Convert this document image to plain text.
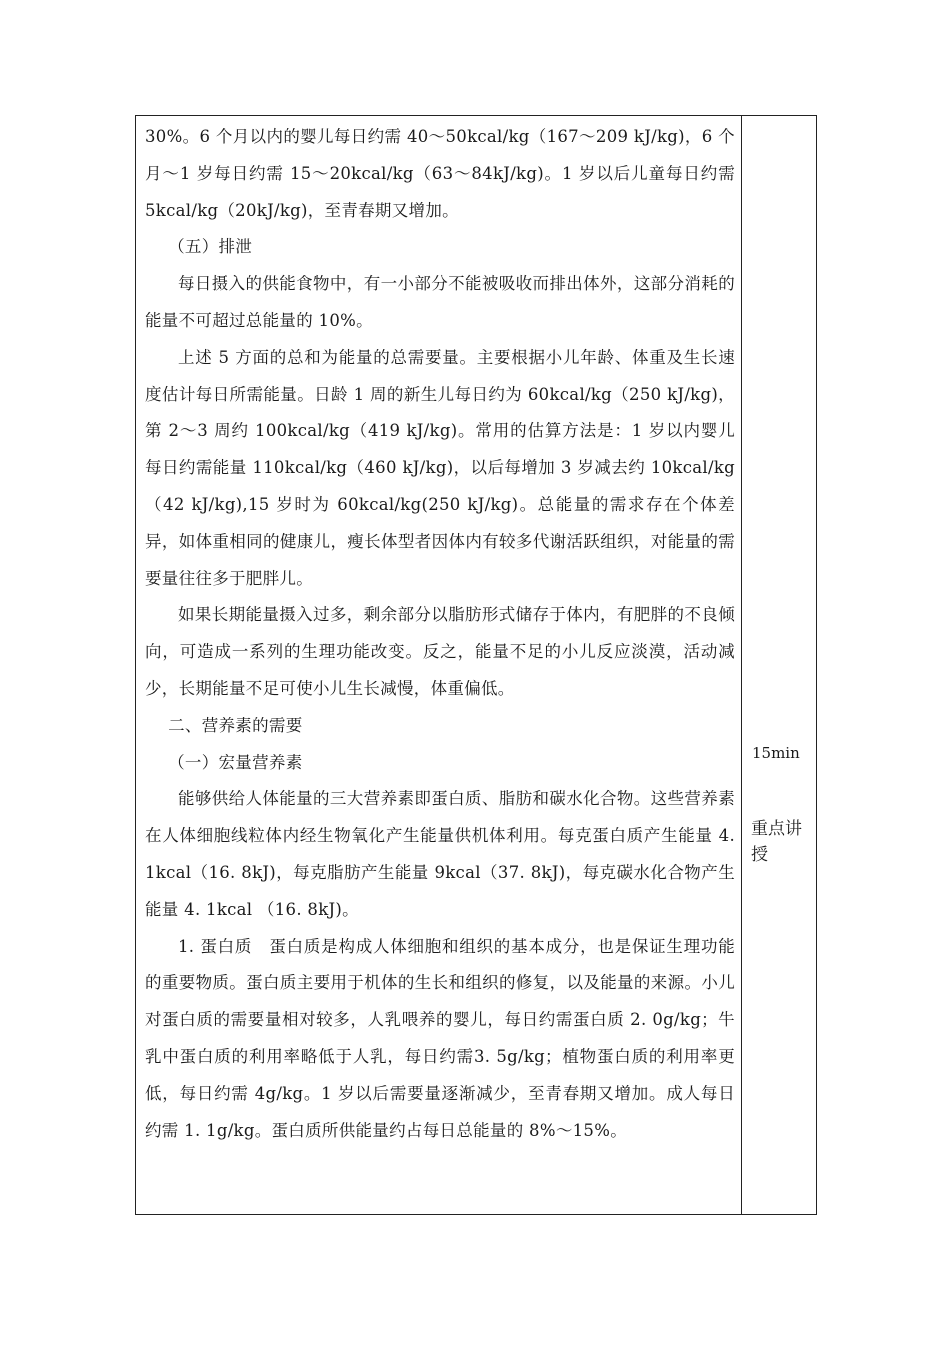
30%。6 个月以内的婴儿每日约需 40～50kcal/kg（167～209 kJ/kg)，6 个月～1 岁每日约需 15～20kcal/kg（63～84kJ/kg)。1 岁以后儿童每日约需 5kcal/kg（20kJ/kg)，至青春期又增加。

（五）排泄

每日摄入的供能食物中，有一小部分不能被吸收而排出体外，这部分消耗的能量不可超过总能量的 10%。

上述 5 方面的总和为能量的总需要量。主要根据小儿年龄、体重及生长速度估计每日所需能量。日龄 1 周的新生儿每日约为 60kcal/kg（250 kJ/kg)，第 2～3 周约 100kcal/kg（419 kJ/kg)。常用的估算方法是：1 岁以内婴儿每日约需能量 110kcal/kg（460 kJ/kg)，以后每增加 3 岁减去约 10kcal/kg（42 kJ/kg),15 岁时为 60kcal/kg(250 kJ/kg)。总能量的需求存在个体差异，如体重相同的健康儿，瘦长体型者因体内有较多代谢活跃组织，对能量的需要量往往多于肥胖儿。

如果长期能量摄入过多，剩余部分以脂肪形式储存于体内，有肥胖的不良倾向，可造成一系列的生理功能改变。反之，能量不足的小儿反应淡漠，活动减少，长期能量不足可使小儿生长减慢，体重偏低。

二、营养素的需要

（一）宏量营养素

能够供给人体能量的三大营养素即蛋白质、脂肪和碳水化合物。这些营养素在人体细胞线粒体内经生物氧化产生能量供机体利用。每克蛋白质产生能量 4. 1kcal（16. 8kJ)，每克脂肪产生能量 9kcal（37. 8kJ)，每克碳水化合物产生能量 4. 1kcal （16. 8kJ)。

1. 蛋白质　蛋白质是构成人体细胞和组织的基本成分，也是保证生理功能的重要物质。蛋白质主要用于机体的生长和组织的修复，以及能量的来源。小儿对蛋白质的需要量相对较多，人乳喂养的婴儿，每日约需蛋白质 2. 0g/kg；牛乳中蛋白质的利用率略低于人乳，每日约需3. 5g/kg；植物蛋白质的利用率更低，每日约需 4g/kg。1 岁以后需要量逐渐减少，至青春期又增加。成人每日约需 1. 1g/kg。蛋白质所供能量约占每日总能量的 8%～15%。

15min
重点讲授
